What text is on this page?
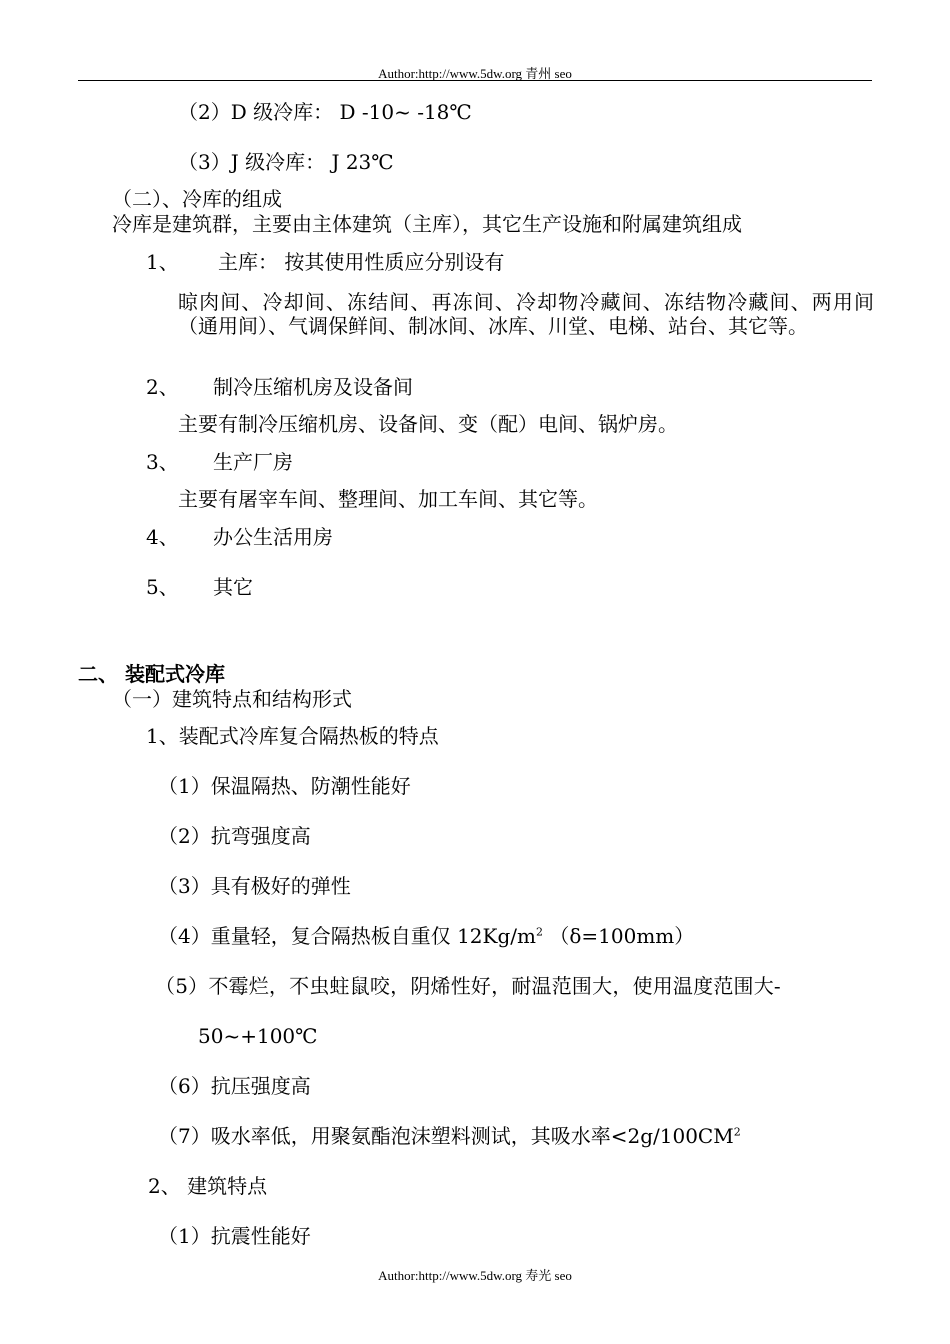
Author:http://www.5dw.org 青州 seo
（2）D 级冷库： D -10~ -18℃
（3）J 级冷库： J 23℃
（二）、冷库的组成
冷库是建筑群，主要由主体建筑（主库），其它生产设施和附属建筑组成
1、 主库： 按其使用性质应分别设有
晾肉间、冷却间、冻结间、再冻间、冷却物冷藏间、冻结物冷藏间、两用间（通用间）、气调保鲜间、制冰间、冰库、川堂、电梯、站台、其它等。
2、 制冷压缩机房及设备间
主要有制冷压缩机房、设备间、变（配）电间、锅炉房。
3、 生产厂房
主要有屠宰车间、整理间、加工车间、其它等。
4、 办公生活用房
5、 其它
二、 装配式冷库
（一）建筑特点和结构形式
1、装配式冷库复合隔热板的特点
（1）保温隔热、防潮性能好
（2）抗弯强度高
（3）具有极好的弹性
（4）重量轻，复合隔热板自重仅 $12Kg/m^2$ （δ=100mm）
（5）不霉烂，不虫蛀鼠咬，阴烯性好，耐温范围大，使用温度范围大-
50~+100℃
（6）抗压强度高
（7）吸水率低，用聚氨酯泡沫塑料测试，其吸水率$<2g/100CM^2$
2、 建筑特点
（1）抗震性能好
Author:http://www.5dw.org 寿光 seo
